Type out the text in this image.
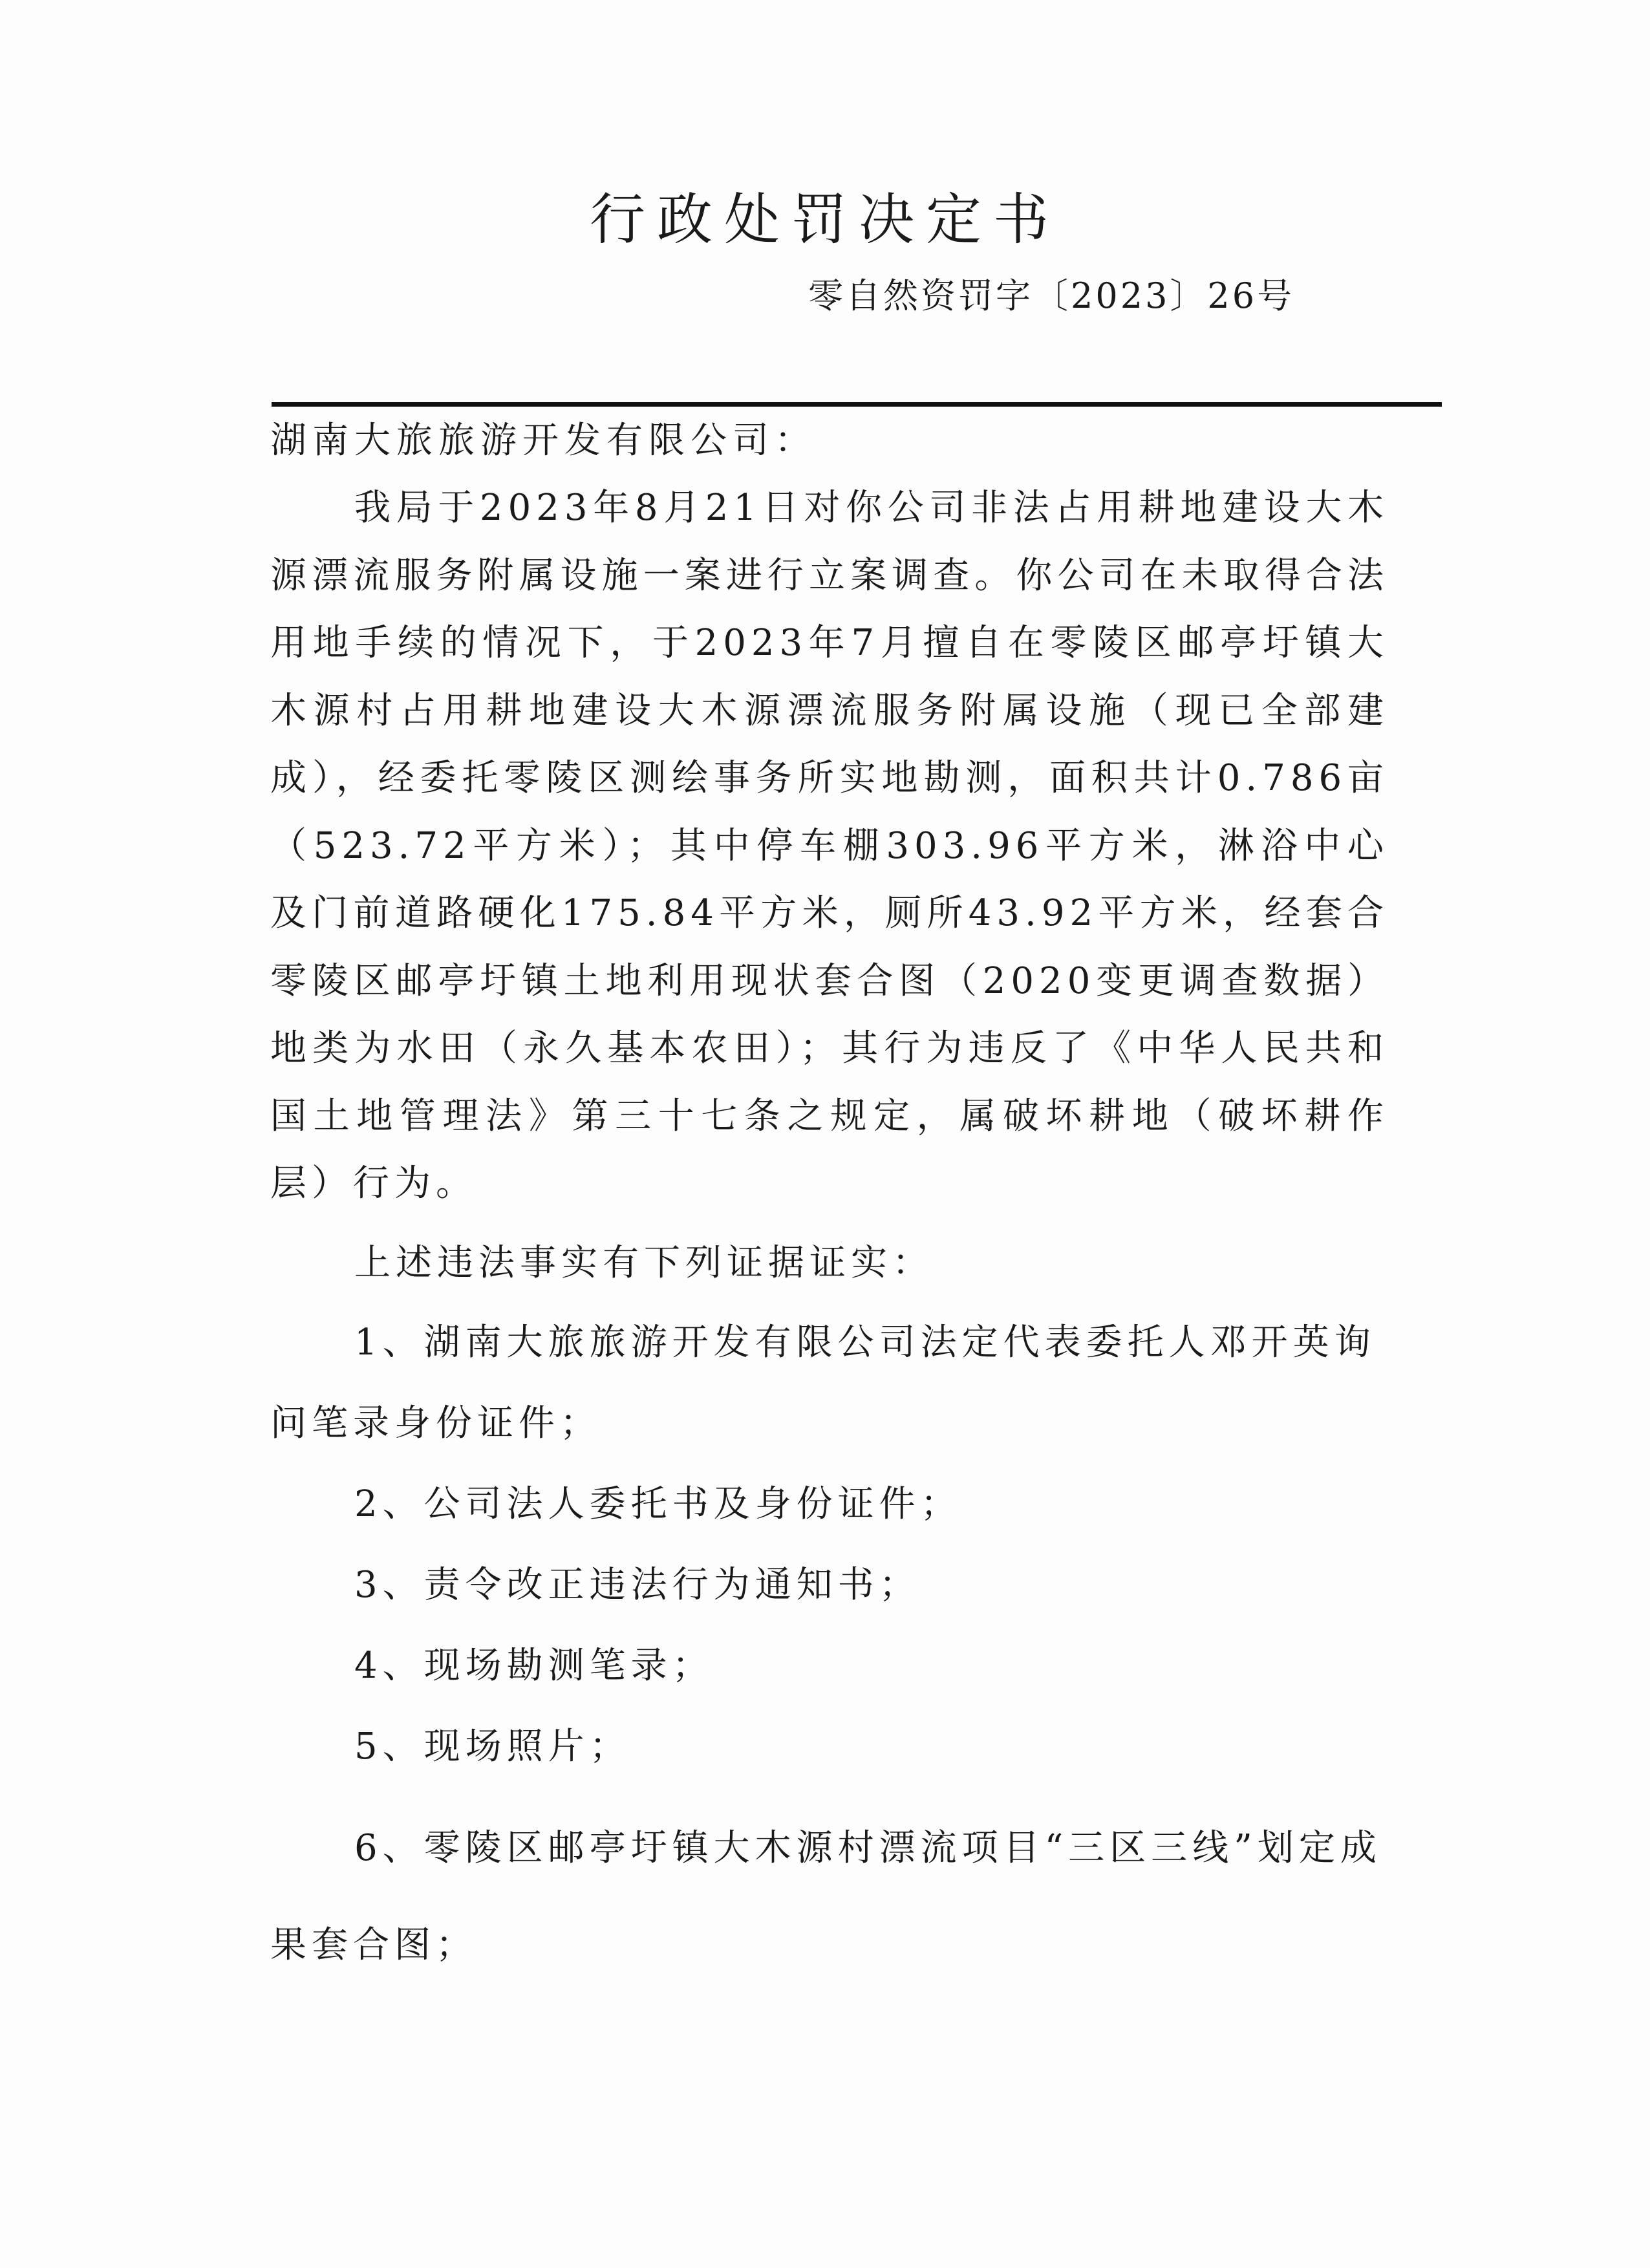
行政处罚决定书
零自然资罚字〔2023〕26号

湖南大旅旅游开发有限公司：

我局于2023年8月21日对你公司非法占用耕地建设大木源漂流服务附属设施一案进行立案调查。你公司在未取得合法用地手续的情况下，于2023年7月擅自在零陵区邮亭圩镇大木源村占用耕地建设大木源漂流服务附属设施（现已全部建成），经委托零陵区测绘事务所实地勘测，面积共计0.786亩（523.72平方米）；其中停车棚303.96平方米，淋浴中心及门前道路硬化175.84平方米，厕所43.92平方米，经套合零陵区邮亭圩镇土地利用现状套合图（2020变更调查数据）地类为水田（永久基本农田）；其行为违反了《中华人民共和国土地管理法》第三十七条之规定，属破坏耕地（破坏耕作层）行为。

上述违法事实有下列证据证实：

1、湖南大旅旅游开发有限公司法定代表委托人邓开英询问笔录身份证件；

2、公司法人委托书及身份证件；

3、责令改正违法行为通知书；

4、现场勘测笔录；

5、现场照片；

6、零陵区邮亭圩镇大木源村漂流项目“三区三线”划定成果套合图；
